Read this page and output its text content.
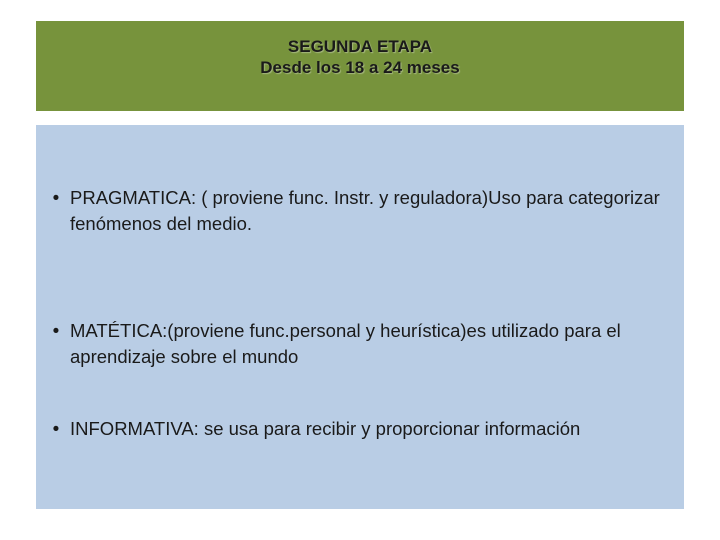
SEGUNDA ETAPA
Desde los 18 a 24 meses
• PRAGMATICA: ( proviene func. Instr. y reguladora)Uso para categorizar fenómenos del medio.
• MATÉTICA:(proviene func.personal y heurística)es utilizado para el aprendizaje sobre el mundo
• INFORMATIVA: se usa para recibir y proporcionar información
